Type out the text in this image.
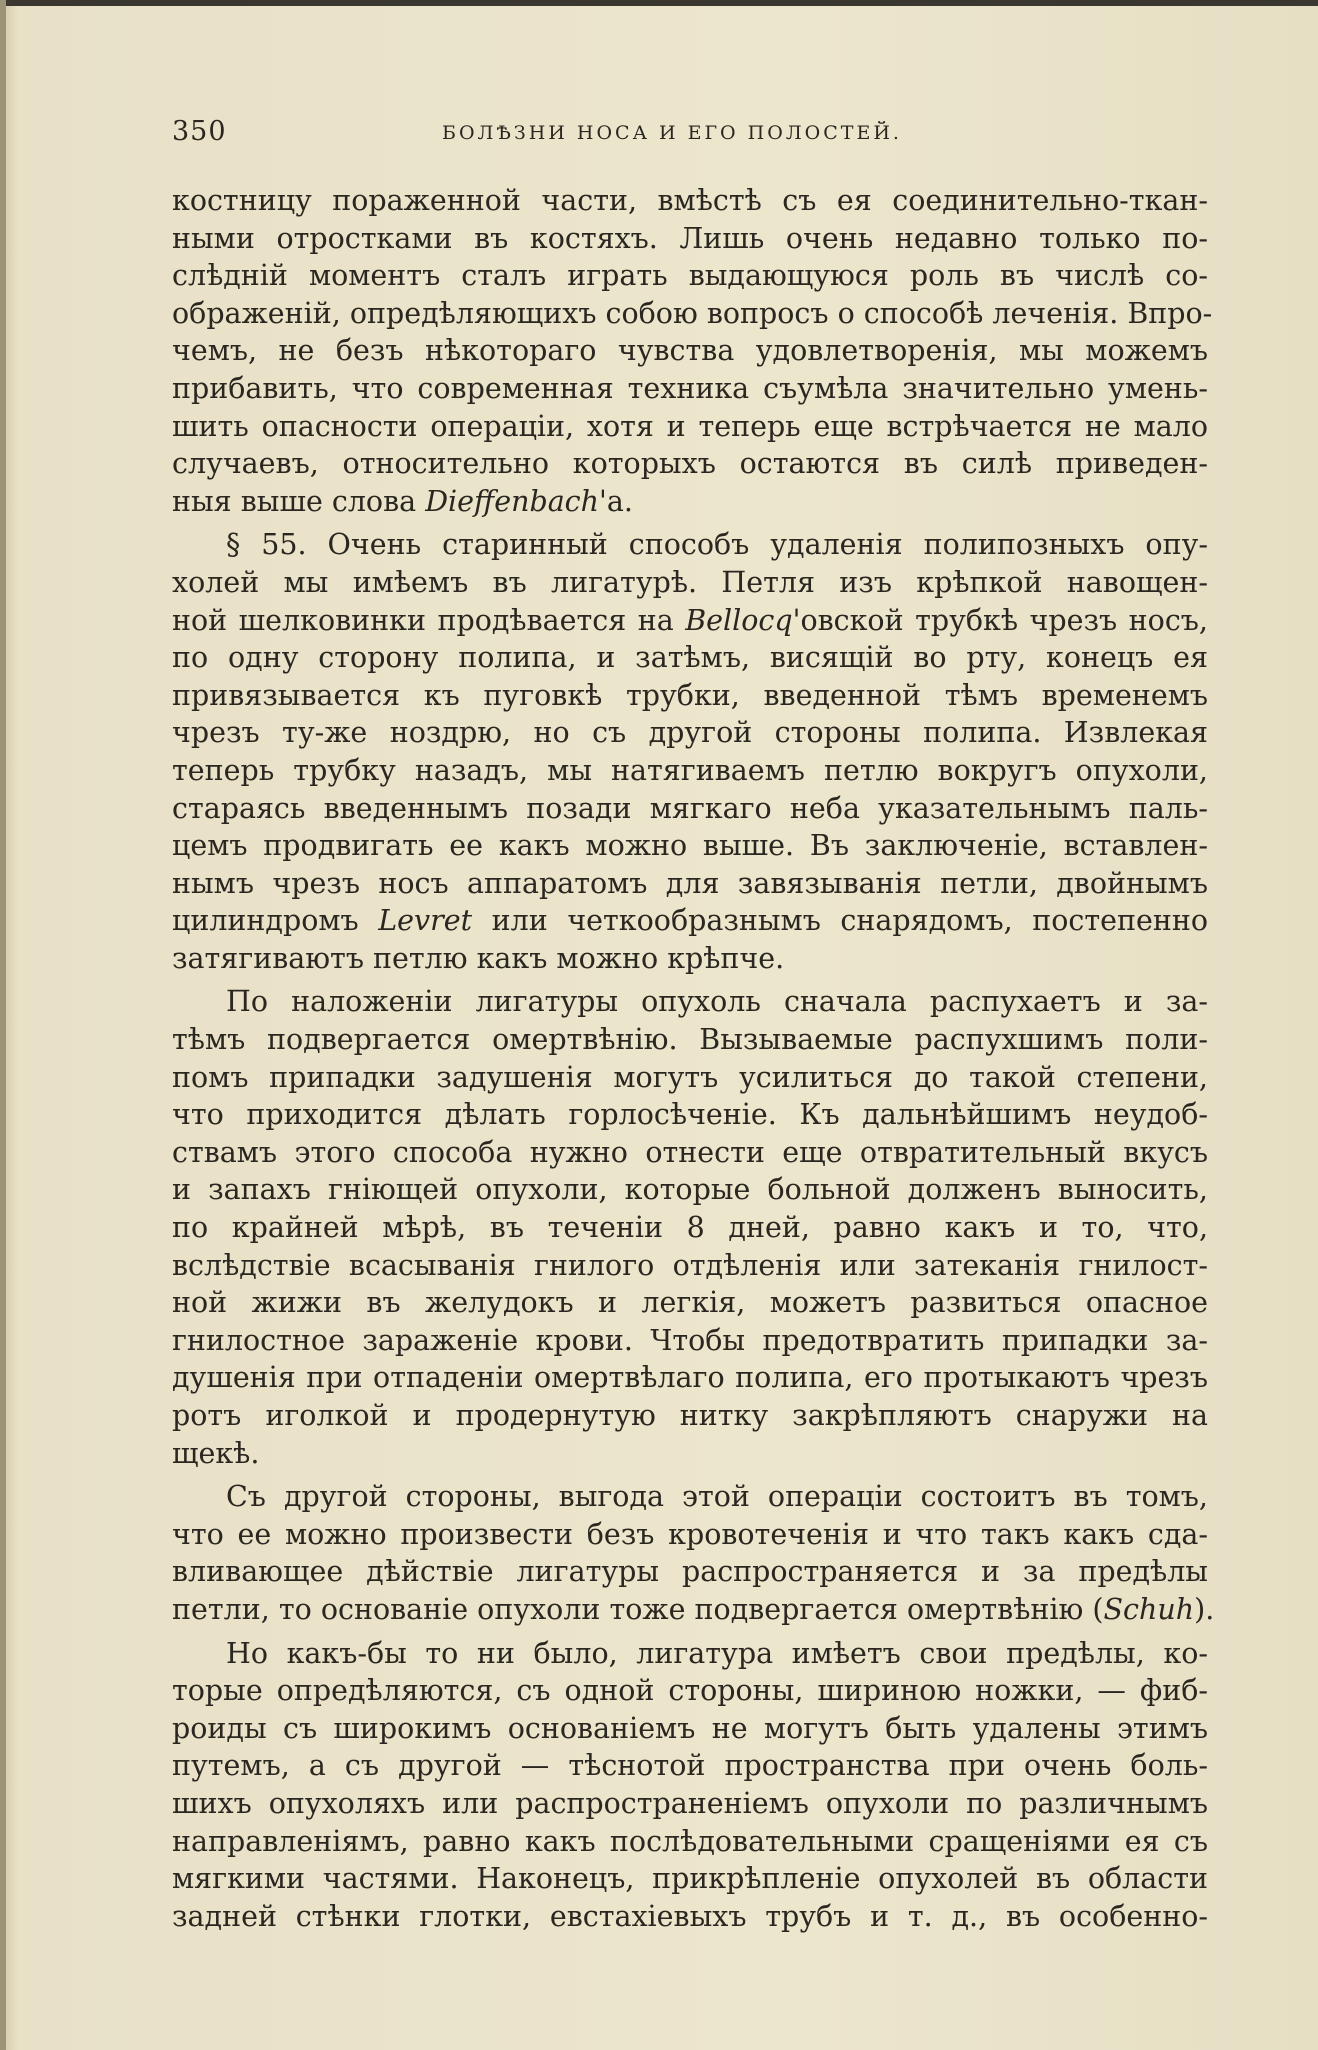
350	БОЛѢЗНИ НОСА И ЕГО ПОЛОСТЕЙ.
костницу пораженной части, вмѣстѣ съ ея соединительно-ткан-
ными отростками въ костяхъ. Лишь очень недавно только по-
слѣдній моментъ сталъ играть выдающуюся роль въ числѣ со-
ображеній, опредѣляющихъ собою вопросъ о способѣ леченія. Впро-
чемъ, не безъ нѣкотораго чувства удовлетворенія, мы можемъ
прибавить, что современная техника съумѣла значительно умень-
шить опасности операціи, хотя и теперь еще встрѣчается не мало
случаевъ, относительно которыхъ остаются въ силѣ приведен-
ныя выше слова Dieffenbach'а.
§ 55. Очень старинный способъ удаленія полипозныхъ опу-
холей мы имѣемъ въ лигатурѣ. Петля изъ крѣпкой навощен-
ной шелковинки продѣвается на Bellocq'овской трубкѣ чрезъ носъ,
по одну сторону полипа, и затѣмъ, висящій во рту, конецъ ея
привязывается къ пуговкѣ трубки, введенной тѣмъ временемъ
чрезъ ту-же ноздрю, но съ другой стороны полипа. Извлекая
теперь трубку назадъ, мы натягиваемъ петлю вокругъ опухоли,
стараясь введеннымъ позади мягкаго неба указательнымъ паль-
цемъ продвигать ее какъ можно выше. Въ заключеніе, вставлен-
нымъ чрезъ носъ аппаратомъ для завязыванія петли, двойнымъ
цилиндромъ Levret или четкообразнымъ снарядомъ, постепенно
затягиваютъ петлю какъ можно крѣпче.
По наложеніи лигатуры опухоль сначала распухаетъ и за-
тѣмъ подвергается омертвѣнію. Вызываемые распухшимъ поли-
помъ припадки задушенія могутъ усилиться до такой степени,
что приходится дѣлать горлосѣченіе. Къ дальнѣйшимъ неудоб-
ствамъ этого способа нужно отнести еще отвратительный вкусъ
и запахъ гніющей опухоли, которые больной долженъ выносить,
по крайней мѣрѣ, въ теченіи 8 дней, равно какъ и то, что,
вслѣдствіе всасыванія гнилого отдѣленія или затеканія гнилост-
ной жижи въ желудокъ и легкія, можетъ развиться опасное
гнилостное зараженіе крови. Чтобы предотвратить припадки за-
душенія при отпаденіи омертвѣлаго полипа, его протыкаютъ чрезъ
ротъ иголкой и продернутую нитку закрѣпляютъ снаружи на
щекѣ.
Съ другой стороны, выгода этой операціи состоитъ въ томъ,
что ее можно произвести безъ кровотеченія и что такъ какъ сда-
вливающее дѣйствіе лигатуры распространяется и за предѣлы
петли, то основаніе опухоли тоже подвергается омертвѣнію (Schuh).
Но какъ-бы то ни было, лигатура имѣетъ свои предѣлы, ко-
торые опредѣляются, съ одной стороны, шириною ножки, — фиб-
роиды съ широкимъ основаніемъ не могутъ быть удалены этимъ
путемъ, а съ другой — тѣснотой пространства при очень боль-
шихъ опухоляхъ или распространеніемъ опухоли по различнымъ
направленіямъ, равно какъ послѣдовательными сращеніями ея съ
мягкими частями. Наконецъ, прикрѣпленіе опухолей въ области
задней стѣнки глотки, евстахіевыхъ трубъ и т. д., въ особенно-
